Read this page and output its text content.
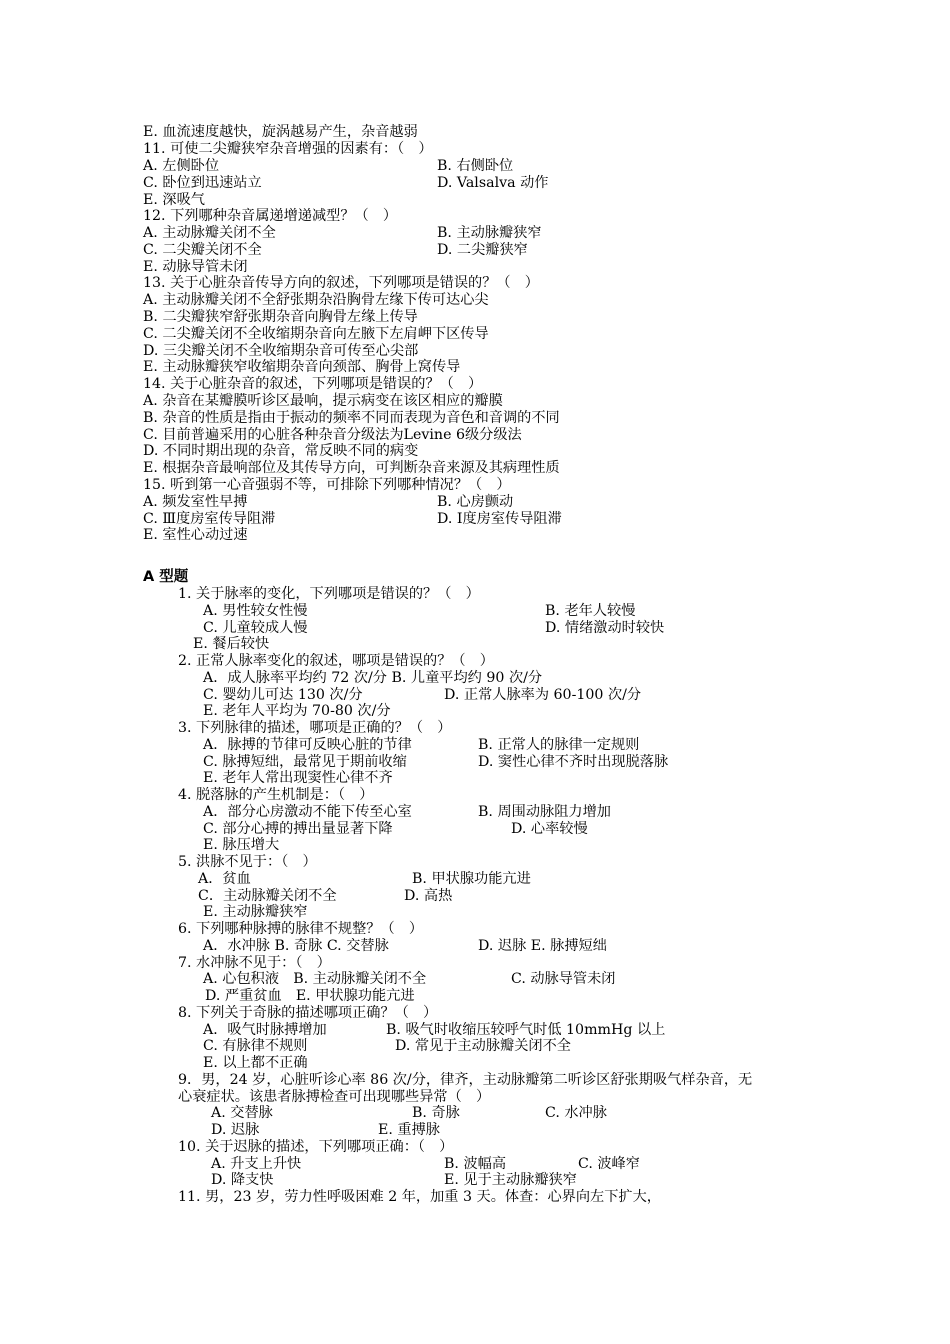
E. 血流速度越快，旋涡越易产生，杂音越弱
11. 可使二尖瓣狭窄杂音增强的因素有：（　）
A. 左侧卧位	B. 右侧卧位
C. 卧位到迅速站立	D. Valsalva 动作
E. 深吸气
12. 下列哪种杂音属递增递减型？（　）
A. 主动脉瓣关闭不全	B. 主动脉瓣狭窄
C. 二尖瓣关闭不全	D. 二尖瓣狭窄
E. 动脉导管未闭
13. 关于心脏杂音传导方向的叙述，下列哪项是错误的？（　）
A. 主动脉瓣关闭不全舒张期杂沿胸骨左缘下传可达心尖
B. 二尖瓣狭窄舒张期杂音向胸骨左缘上传导
C. 二尖瓣关闭不全收缩期杂音向左腋下左肩岬下区传导
D. 三尖瓣关闭不全收缩期杂音可传至心尖部
E. 主动脉瓣狭窄收缩期杂音向颈部、胸骨上窝传导
14. 关于心脏杂音的叙述，下列哪项是错误的？（　）
A. 杂音在某瓣膜听诊区最响，提示病变在该区相应的瓣膜
B. 杂音的性质是指由于振动的频率不同而表现为音色和音调的不同
C. 目前普遍采用的心脏各种杂音分级法为Levine 6级分级法
D. 不同时期出现的杂音，常反映不同的病变
E. 根据杂音最响部位及其传导方向，可判断杂音来源及其病理性质
15. 听到第一心音强弱不等，可排除下列哪种情况？（　）
A. 频发室性早搏	B. 心房颤动
C. Ⅲ度房室传导阻滞	D. Ⅰ度房室传导阻滞
E. 室性心动过速
A 型题
1. 关于脉率的变化，下列哪项是错误的？（　）
A. 男性较女性慢	B. 老年人较慢
C. 儿童较成人慢	D. 情绪激动时较快
E. 餐后较快
2. 正常人脉率变化的叙述，哪项是错误的？（　）
A．成人脉率平均约 72 次/分 B. 儿童平均约 90 次/分
C. 婴幼儿可达 130 次/分	D. 正常人脉率为 60-100 次/分
E. 老年人平均为 70-80 次/分
3. 下列脉律的描述，哪项是正确的？（　）
A．脉搏的节律可反映心脏的节律	B. 正常人的脉律一定规则
C. 脉搏短绌，最常见于期前收缩	D. 窦性心律不齐时出现脱落脉
E. 老年人常出现窦性心律不齐
4. 脱落脉的产生机制是：（　）
A．部分心房激动不能下传至心室	B. 周围动脉阻力增加
C. 部分心搏的搏出量显著下降	D. 心率较慢
E. 脉压增大
5. 洪脉不见于：（　）
A．贫血	B. 甲状腺功能亢进
C．主动脉瓣关闭不全	D. 高热
E. 主动脉瓣狭窄
6. 下列哪种脉搏的脉律不规整？（　）
A．水冲脉 B. 奇脉 C. 交替脉	D. 迟脉 E. 脉搏短绌
7. 水冲脉不见于：（　）
A. 心包积液　B. 主动脉瓣关闭不全	C. 动脉导管未闭
D. 严重贫血　E. 甲状腺功能亢进
8. 下列关于奇脉的描述哪项正确？（　）
A．吸气时脉搏增加	B. 吸气时收缩压较呼气时低 10mmHg 以上
C. 有脉律不规则	D. 常见于主动脉瓣关闭不全
E. 以上都不正确
9．男，24 岁，心脏听诊心率 86 次/分，律齐，主动脉瓣第二听诊区舒张期吸气样杂音，无
心衰症状。该患者脉搏检查可出现哪些异常（　）
A. 交替脉	B. 奇脉	C. 水冲脉
D. 迟脉	E. 重搏脉
10. 关于迟脉的描述，下列哪项正确：（　）
A. 升支上升快	B. 波幅高	C. 波峰窄
D. 降支快	E. 见于主动脉瓣狭窄
11. 男，23 岁，劳力性呼吸困难 2 年，加重 3 天。体查：心界向左下扩大，
